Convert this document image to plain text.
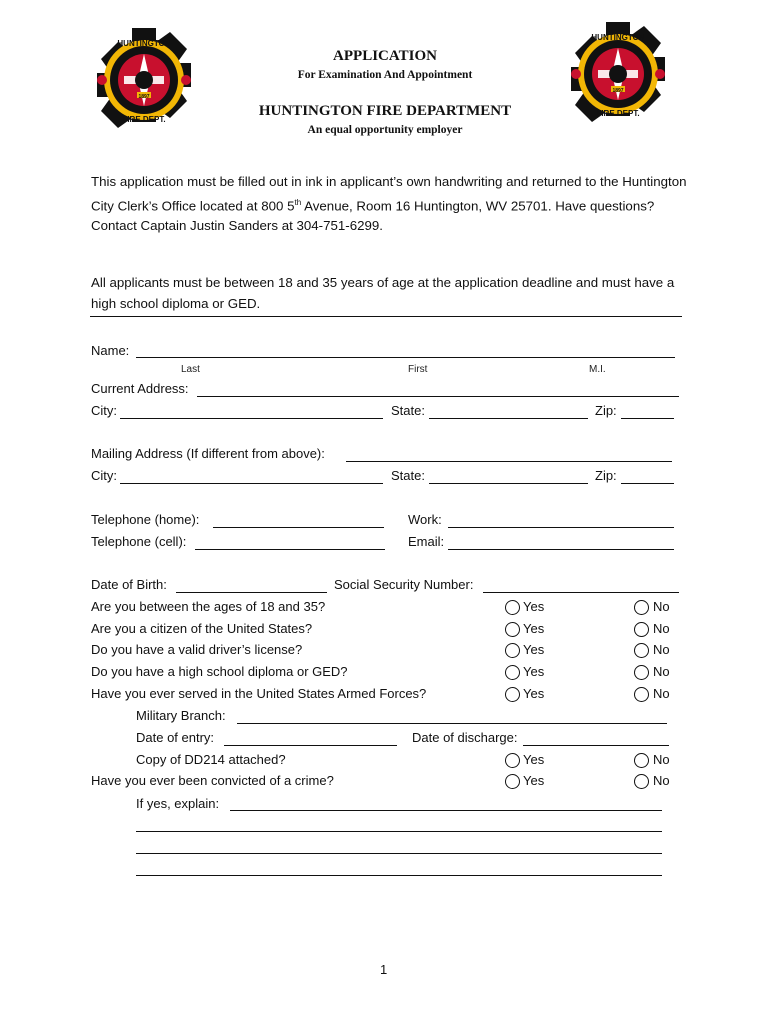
HUNTINGTON
FIRE DEPT.
1897
HUNTINGTON
FIRE DEPT.
1897
APPLICATION
For Examination And Appointment
HUNTINGTON FIRE DEPARTMENT
An equal opportunity employer
This application must be filled out in ink in applicant’s own handwriting and returned to the Huntington City Clerk’s Office located at 800 5th Avenue, Room 16 Huntington, WV 25701. Have questions? Contact Captain Justin Sanders at 304-751-6299.
All applicants must be between 18 and 35 years of age at the application deadline and must have a high school diploma or GED.
Name:
Last	First	M.I.
Current Address:
City:	State:	Zip:
Mailing Address (If different from above):
City:	State:	Zip:
Telephone (home):	Work:
Telephone (cell):	Email:
Date of Birth:	Social Security Number:
Are you between the ages of 18 and 35?	Yes	No
Are you a citizen of the United States?	Yes	No
Do you have a valid driver’s license?	Yes	No
Do you have a high school diploma or GED?	Yes	No
Have you ever served in the United States Armed Forces?	Yes	No
Military Branch:
Date of entry:	Date of discharge:
Copy of DD214 attached?	Yes	No
Have you ever been convicted of a crime?	Yes	No
If yes, explain:
1
